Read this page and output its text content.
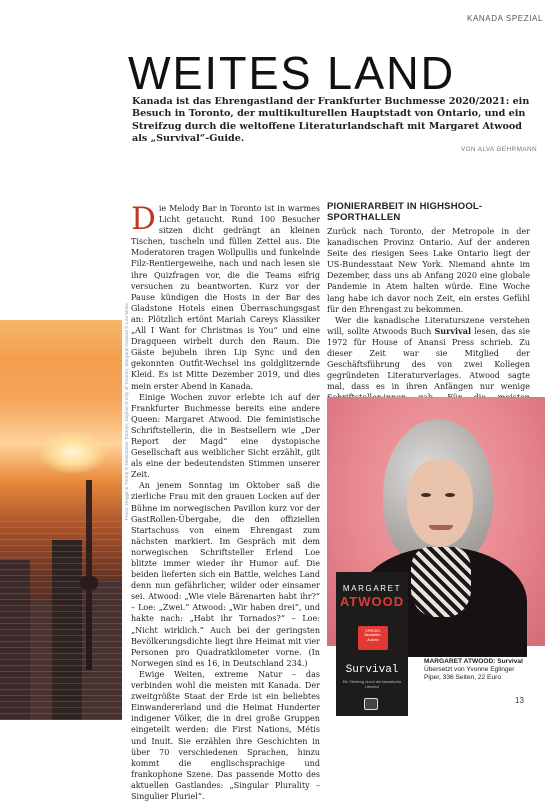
KANADA SPEZIAL
WEITES LAND

Kanada ist das Ehrengastland der Frankfurter Buchmesse 2020/2021: ein Besuch in Toronto, der multikulturellen Hauptstadt von Ontario, und ein Streifzug durch die weltoffene Literaturlandschaft mit Margaret Atwood als „Survival“-Guide.

VON ALVA GEHRMANN
Fotos: Hogge & Treme © Destination Toronto, Skyline © City of Toronto, Margaret Atwood © Lou Moss

Die Melody Bar in Toronto ist in warmes Licht getaucht. Rund 100 Besucher sitzen dicht gedrängt an kleinen Tischen, tuscheln und füllen Zettel aus. Die Moderatoren tragen Wollpullis und funkelnde Filz-Rentiergeweihe, nach und nach lesen sie ihre Quizfragen vor, die die Teams eifrig versuchen zu beantworten. Kurz vor der Pause kündigen die Hosts in der Bar des Gladstone Hotels einen Überraschungsgast an: Plötzlich ertönt Mariah Careys Klassiker „All I Want for Christmas is You“ und eine Dragqueen wirbelt durch den Raum. Die Gäste bejubeln ihren Lip Sync und den gekonnten Outfit-Wechsel ins goldglitzernde Kleid. Es ist Mitte Dezember 2019, und dies mein erster Abend in Kanada.

Einige Wochen zuvor erlebte ich auf der Frankfurter Buchmesse bereits eine andere Queen: Margaret Atwood. Die feministische Schriftstellerin, die in Bestsellern wie „Der Report der Magd“ eine dystopische Gesellschaft aus weiblicher Sicht erzählt, gilt als eine der bedeutendsten Stimmen unserer Zeit.

An jenem Sonntag im Oktober saß die zierliche Frau mit den grauen Locken auf der Bühne im norwegischen Pavillon kurz vor der GastRollen-Übergabe, die den offiziellen Startschuss von einem Ehrengast zum nächsten markiert. Im Gespräch mit dem norwegischen Schriftsteller Erlend Loe blitzte immer wieder ihr Humor auf. Die beiden lieferten sich ein Battle, welches Land denn nun gefährlicher, wilder oder einsamer sei. Atwood: „Wie viele Bärenarten habt ihr?“ – Loe: „Zwei.“ Atwood: „Wir haben drei“, und hakte nach: „Habt ihr Tornados?“ – Loe: „Nicht wirklich.“ Auch bei der geringsten Bevölkerungsdichte liegt ihre Heimat mit vier Personen pro Quadratkilometer vorne. (In Norwegen sind es 16, in Deutschland 234.)

Ewige Weiten, extreme Natur – das verbinden wohl die meisten mit Kanada. Der zweitgrößte Staat der Erde ist ein beliebtes Einwandererland und die Heimat Hunderter indigener Völker, die in drei große Gruppen eingeteilt werden: die First Nations, Métis und Inuit. Sie erzählen ihre Geschichten in über 70 verschiedenen Sprachen, hinzu kommt die englischsprachige und frankophone Szene. Das passende Motto des aktuellen Gastlandes: „Singular Plurality – Singulier Pluriel“.

PIONIERARBEIT IN HIGHSHOOL-SPORTHALLEN

Zurück nach Toronto, der Metropole in der kanadischen Provinz Ontario. Auf der anderen Seite des riesigen Sees Lake Ontario liegt der US-Bundesstaat New York. Niemand ahnte im Dezember, dass uns ab Anfang 2020 eine globale Pandemie in Atem halten würde. Eine Woche lang habe ich davor noch Zeit, ein erstes Gefühl für den Ehrengast zu bekommen.

Wer die kanadische Literaturszene verstehen will, sollte Atwoods Buch Survival lesen, das sie 1972 für House of Anansi Press schrieb. Zu dieser Zeit war sie Mitglied der Geschäftsführung des von zwei Kollegen gegründeten Literaturverlages. Atwood sagte mal, dass es in ihren Anfängen nur wenige

MARGARET
ATWOOD
SPIEGEL Bestseller-Autorin
Survival
Ein Streifzug durch die kanadische Literatur
MARGARET ATWOOD: Survival
Übersetzt von Yvonne Eglinger
Piper, 336 Seiten, 22 Euro
13
